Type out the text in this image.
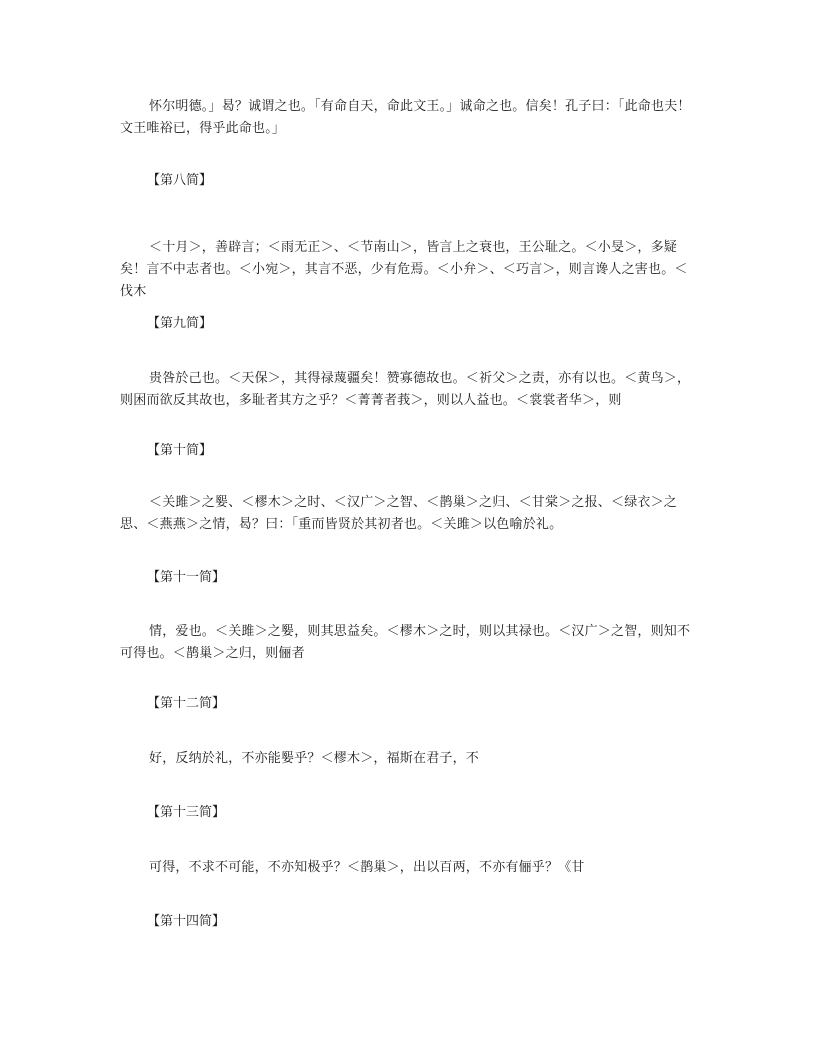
怀尔明德。」曷？诚谓之也。「有命自天，命此文王。」诚命之也。信矣！孔子曰：「此命也夫！文王唯裕已，得乎此命也。」

【第八简】

＜十月＞，善辟言；＜雨无正＞、＜节南山＞，皆言上之衰也，王公耻之。＜小旻＞，多疑矣！言不中志者也。＜小宛＞，其言不恶，少有危焉。＜小弁＞、＜巧言＞，则言谗人之害也。＜伐木

【第九简】

贵咎於己也。＜天保＞，其得禄蔑疆矣！赞寡德故也。＜祈父＞之责，亦有以也。＜黄鸟＞，则困而欲反其故也，多耻者其方之乎？＜菁菁者莪＞，则以人益也。＜裳裳者华＞，则

【第十简】

＜关雎＞之媐、＜樛木＞之时、＜汉广＞之智、＜鹊巢＞之归、＜甘棠＞之报、＜绿衣＞之思、＜燕燕＞之情，曷？曰：「重而皆贤於其初者也。＜关雎＞以色喻於礼。

【第十一简】

情，爱也。＜关雎＞之媐，则其思益矣。＜樛木＞之时，则以其禄也。＜汉广＞之智，则知不可得也。＜鹊巢＞之归，则俪者

【第十二简】

好，反纳於礼，不亦能媐乎？＜樛木＞，福斯在君子，不

【第十三简】

可得，不求不可能，不亦知极乎？＜鹊巢＞，出以百两，不亦有俪乎？《甘

【第十四简】
